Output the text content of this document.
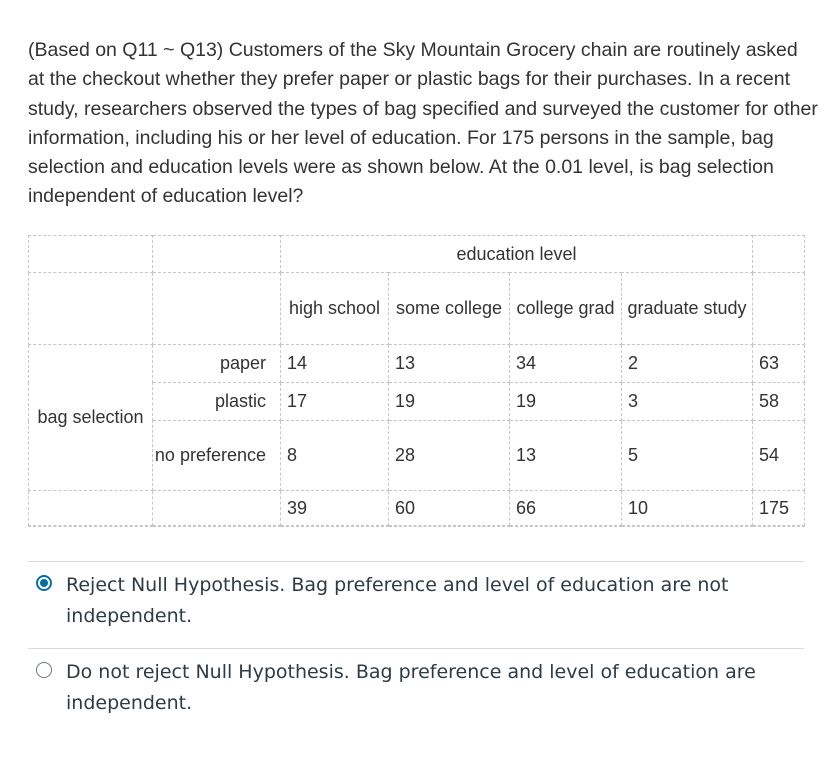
(Based on Q11 ~ Q13) Customers of the Sky Mountain Grocery chain are routinely asked at the checkout whether they prefer paper or plastic bags for their purchases. In a recent study, researchers observed the types of bag specified and surveyed the customer for other information, including his or her level of education. For 175 persons in the sample, bag selection and education levels were as shown below. At the 0.01 level, is bag selection independent of education level?

		education level				
		high school	some college	college grad	graduate study	
bag selection	paper	14	13	34	2	63
	plastic	17	19	19	3	58
	no preference	8	28	13	5	54
		39	60	66	10	175

Reject Null Hypothesis. Bag preference and level of education are not independent.
Do not reject Null Hypothesis. Bag preference and level of education are independent.
